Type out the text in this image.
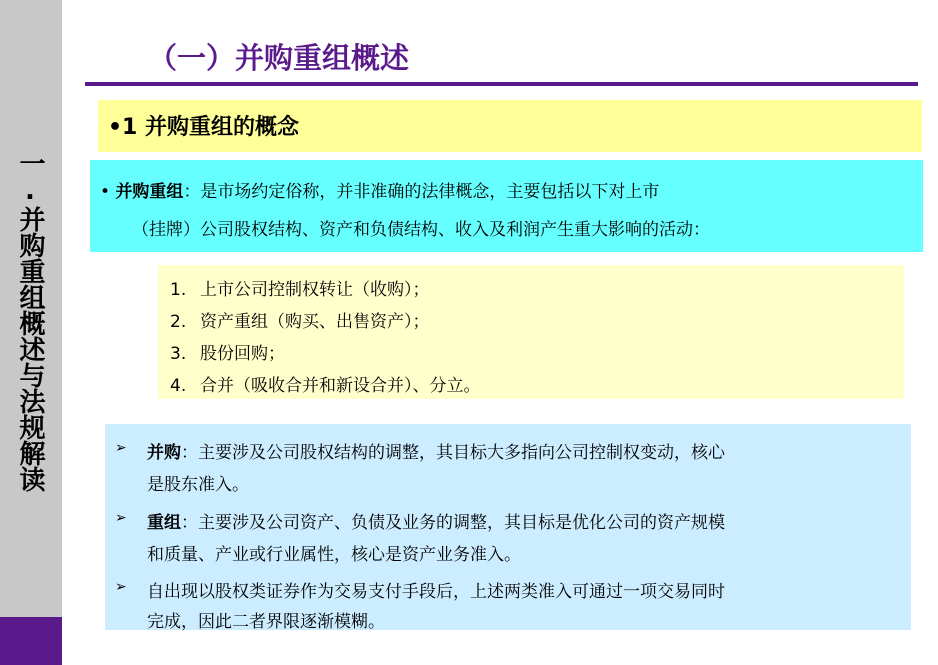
一.并购重组概述与法规解读
（一）并购重组概述
•1 并购重组的概念
• 并购重组：是市场约定俗称，并非准确的法律概念，主要包括以下对上市
（挂牌）公司股权结构、资产和负债结构、收入及利润产生重大影响的活动：
1. 上市公司控制权转让（收购）；
2. 资产重组（购买、出售资产）；
3. 股份回购；
4. 合并（吸收合并和新设合并）、分立。
➢ 并购：主要涉及公司股权结构的调整，其目标大多指向公司控制权变动，核心
是股东准入。
➢ 重组：主要涉及公司资产、负债及业务的调整，其目标是优化公司的资产规模
和质量、产业或行业属性，核心是资产业务准入。
➢ 自出现以股权类证券作为交易支付手段后，上述两类准入可通过一项交易同时
完成，因此二者界限逐渐模糊。
